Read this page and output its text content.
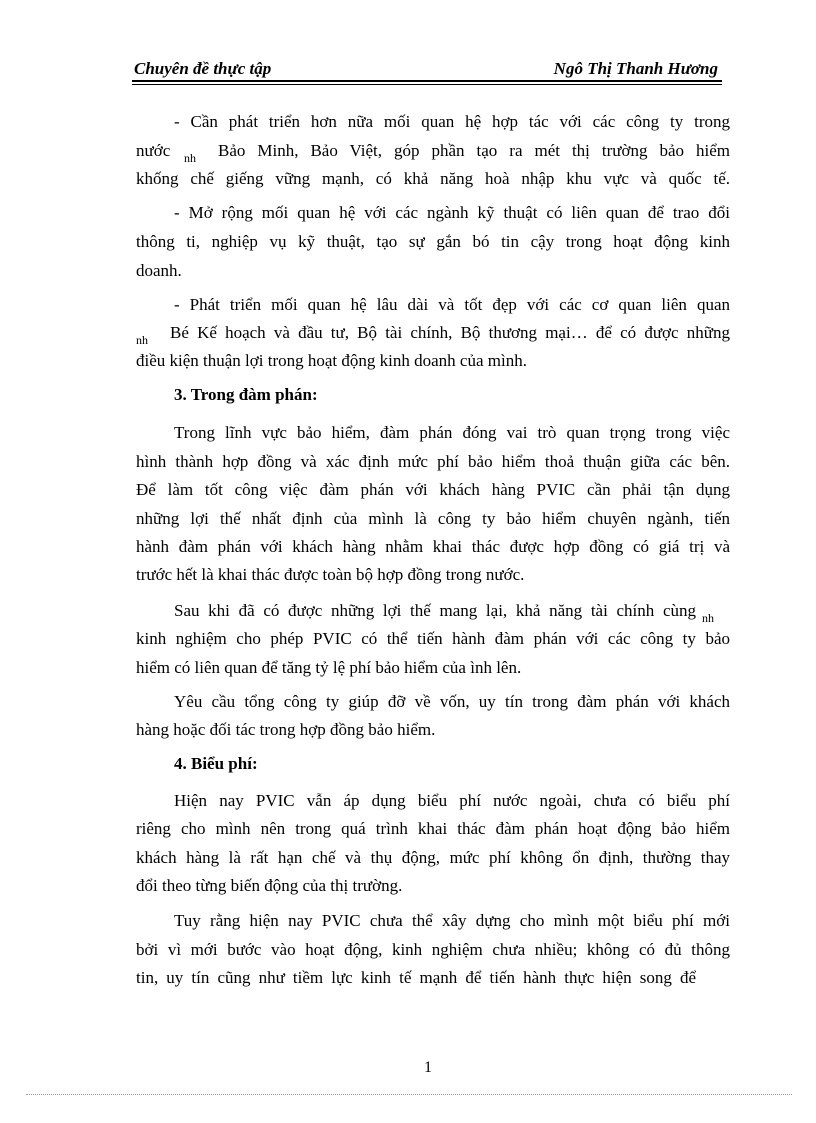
Chuyên đề thực tập	Ngô Thị Thanh Hương
- Cần phát triển hơn nữa mối quan hệ hợp tác với các công ty trong
nước nh Bảo Minh, Bảo Việt, góp phần tạo ra mét thị trường bảo hiểm
khống chế giếng vững mạnh, có khả năng hoà nhập khu vực và quốc tế.
- Mở rộng mối quan hệ với các ngành kỹ thuật có liên quan để trao đổi
thông ti, nghiệp vụ kỹ thuật, tạo sự gắn bó tin cậy trong hoạt động kinh
doanh.
- Phát triển mối quan hệ lâu dài và tốt đẹp với các cơ quan liên quan
nh Bé Kế hoạch và đầu tư, Bộ tài chính, Bộ thương mại… để có được những
điều kiện thuận lợi trong hoạt động kinh doanh của mình.
3. Trong đàm phán:
Trong lĩnh vực bảo hiểm, đàm phán đóng vai trò quan trọng trong việc
hình thành hợp đồng và xác định mức phí bảo hiểm thoả thuận giữa các bên.
Để làm tốt công việc đàm phán với khách hàng PVIC cần phải tận dụng
những lợi thế nhất định của mình là công ty bảo hiểm chuyên ngành, tiến
hành đàm phán với khách hàng nhằm khai thác được hợp đồng có giá trị và
trước hết là khai thác được toàn bộ hợp đồng trong nước.
Sau khi đã có được những lợi thế mang lại, khả năng tài chính cùng nh
kinh nghiệm cho phép PVIC có thể tiến hành đàm phán với các công ty bảo
hiểm có liên quan để tăng tỷ lệ phí bảo hiểm của ình lên.
Yêu cầu tổng công ty giúp đỡ về vốn, uy tín trong đàm phán với khách
hàng hoặc đối tác trong hợp đồng bảo hiểm.
4. Biểu phí:
Hiện nay PVIC vẫn áp dụng biểu phí nước ngoài, chưa có biểu phí
riêng cho mình nên trong quá trình khai thác đàm phán hoạt động bảo hiểm
khách hàng là rất hạn chế và thụ động, mức phí không ổn định, thường thay
đổi theo từng biến động của thị trường.
Tuy rằng hiện nay PVIC chưa thể xây dựng cho mình một biểu phí mới
bởi vì mới bước vào hoạt động, kinh nghiệm chưa nhiều; không có đủ thông
tin, uy tín cũng như tiềm lực kinh tế mạnh để tiến hành thực hiện song để
1
